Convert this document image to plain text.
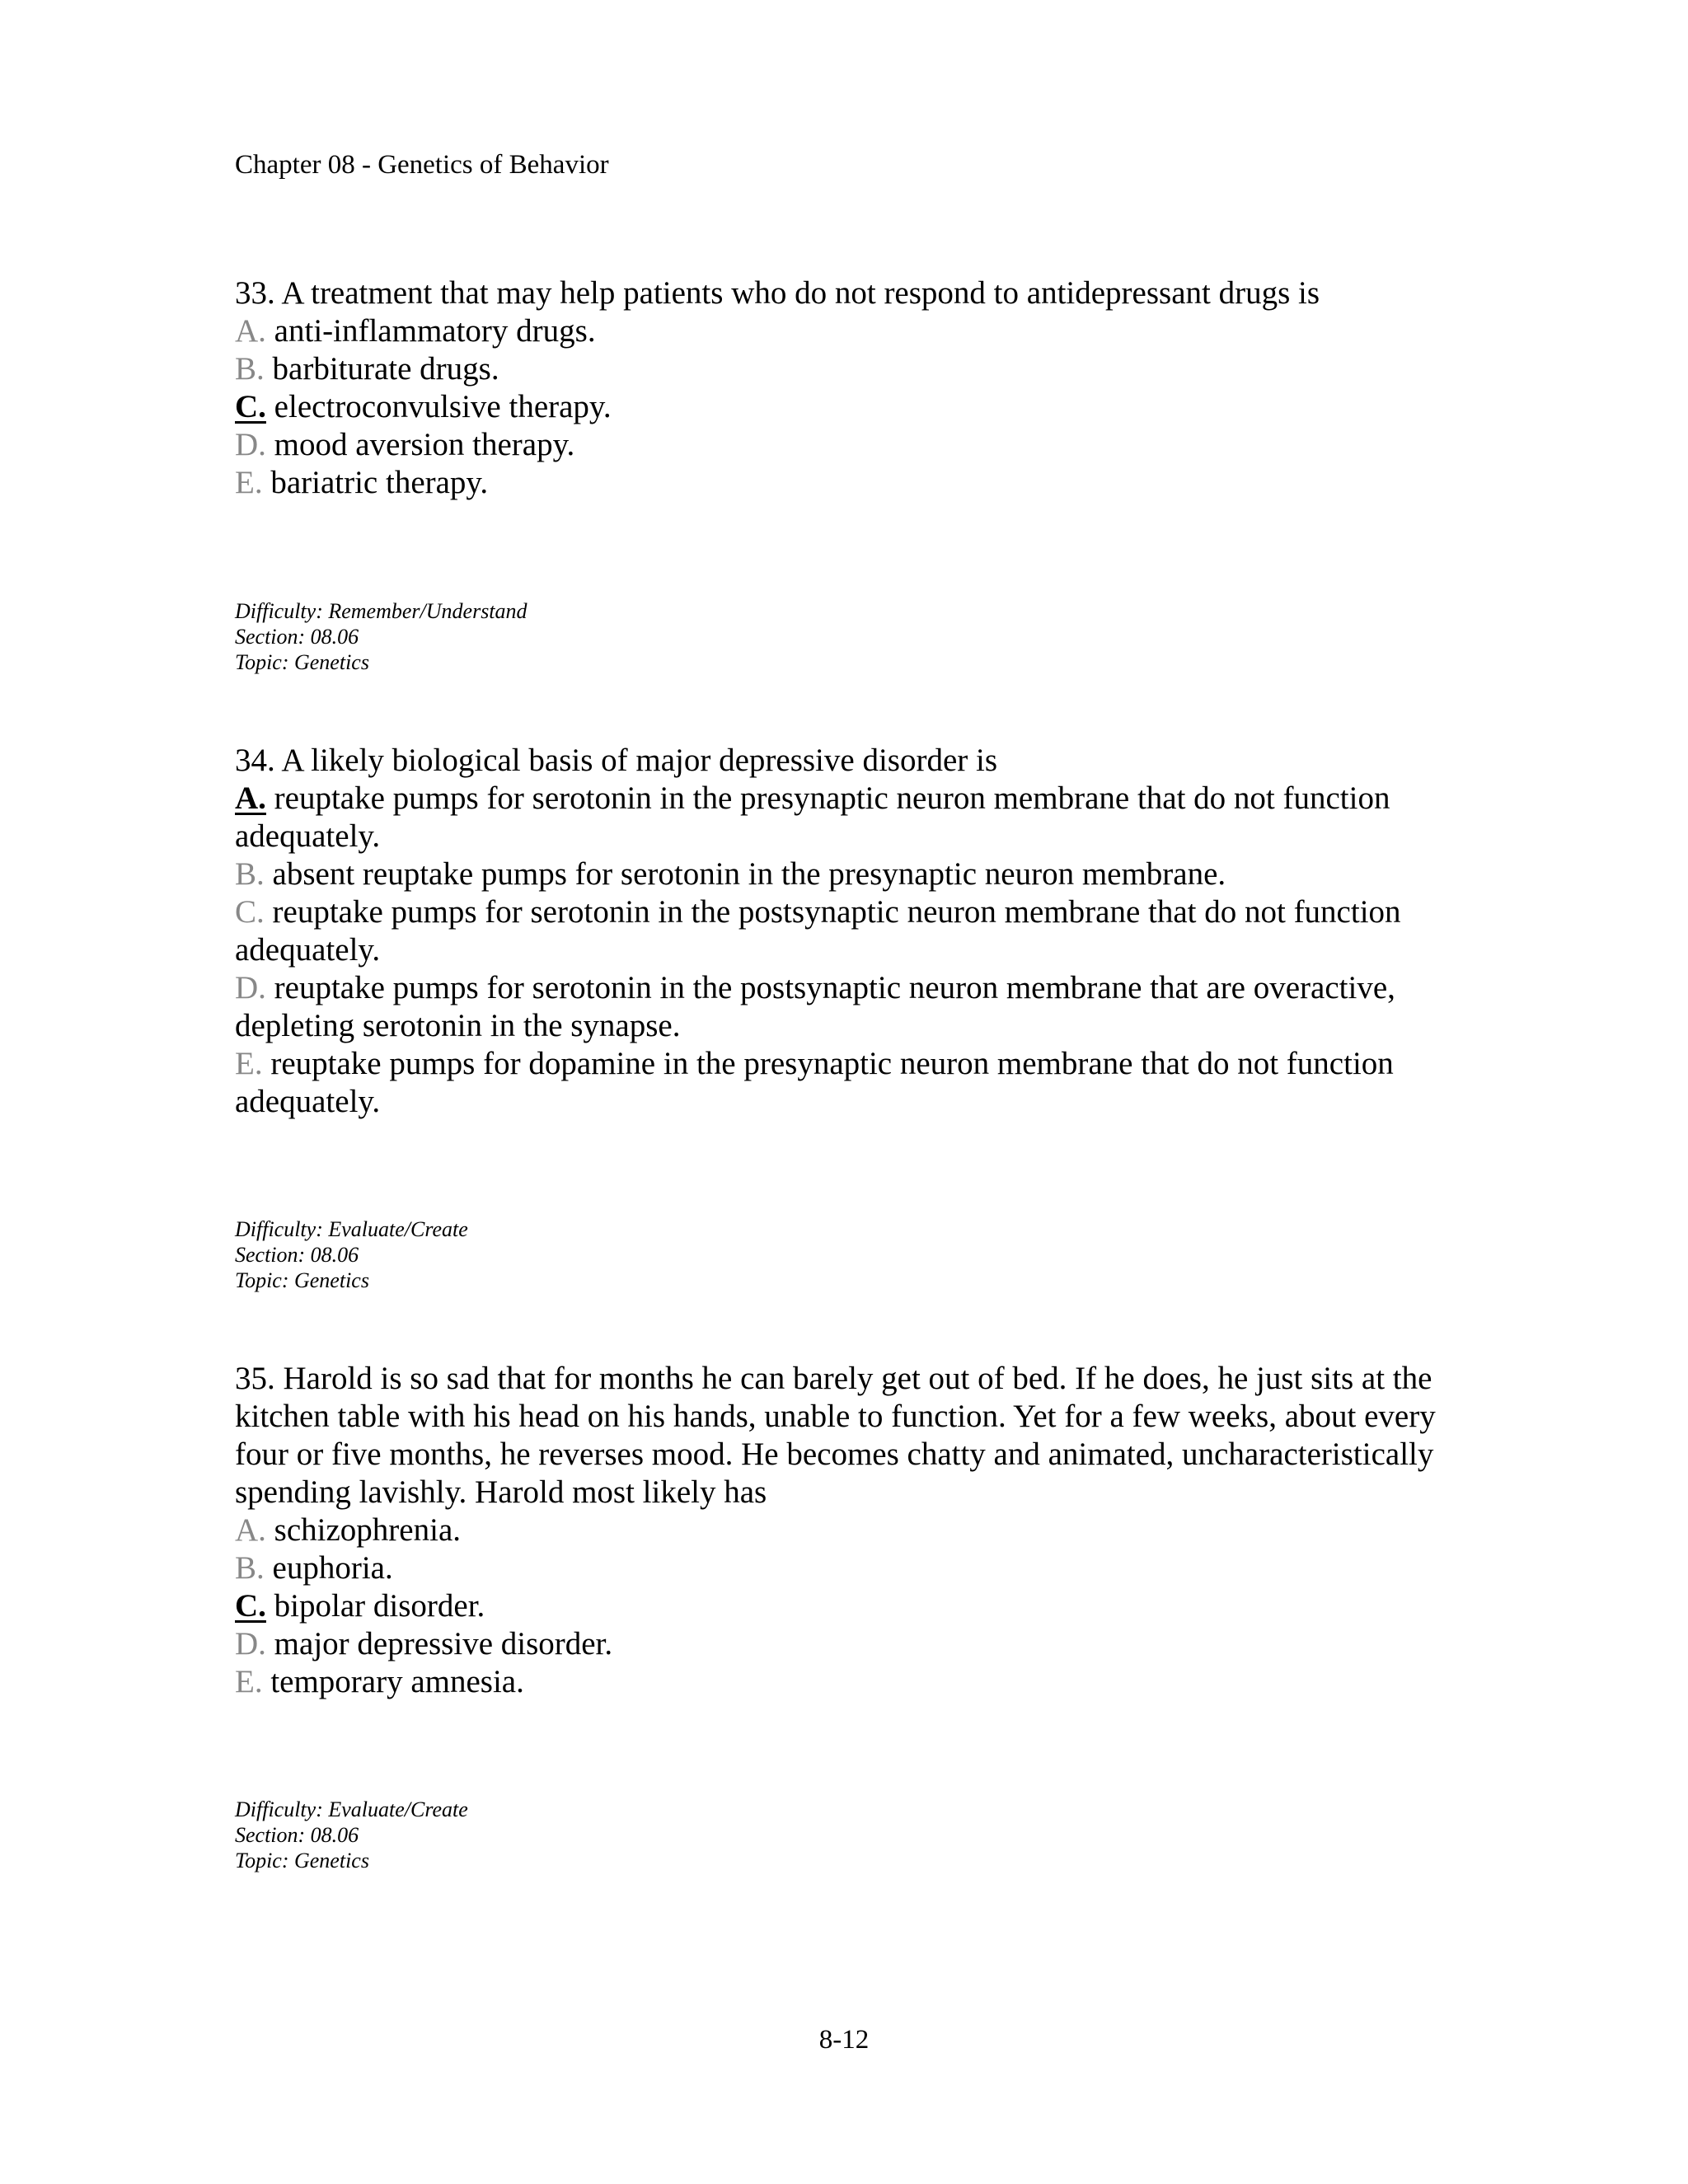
Chapter 08 - Genetics of Behavior

33. A treatment that may help patients who do not respond to antidepressant drugs is

A. anti-inflammatory drugs.

B. barbiturate drugs.

C. electroconvulsive therapy.

D. mood aversion therapy.

E. bariatric therapy.

Difficulty: Remember/Understand
Section: 08.06
Topic: Genetics

34. A likely biological basis of major depressive disorder is

A. reuptake pumps for serotonin in the presynaptic neuron membrane that do not function adequately.

B. absent reuptake pumps for serotonin in the presynaptic neuron membrane.

C. reuptake pumps for serotonin in the postsynaptic neuron membrane that do not function adequately.

D. reuptake pumps for serotonin in the postsynaptic neuron membrane that are overactive, depleting serotonin in the synapse.

E. reuptake pumps for dopamine in the presynaptic neuron membrane that do not function adequately.

Difficulty: Evaluate/Create
Section: 08.06
Topic: Genetics

35. Harold is so sad that for months he can barely get out of bed. If he does, he just sits at the kitchen table with his head on his hands, unable to function. Yet for a few weeks, about every four or five months, he reverses mood. He becomes chatty and animated, uncharacteristically spending lavishly. Harold most likely has

A. schizophrenia.

B. euphoria.

C. bipolar disorder.

D. major depressive disorder.

E. temporary amnesia.

Difficulty: Evaluate/Create
Section: 08.06
Topic: Genetics
8-12
